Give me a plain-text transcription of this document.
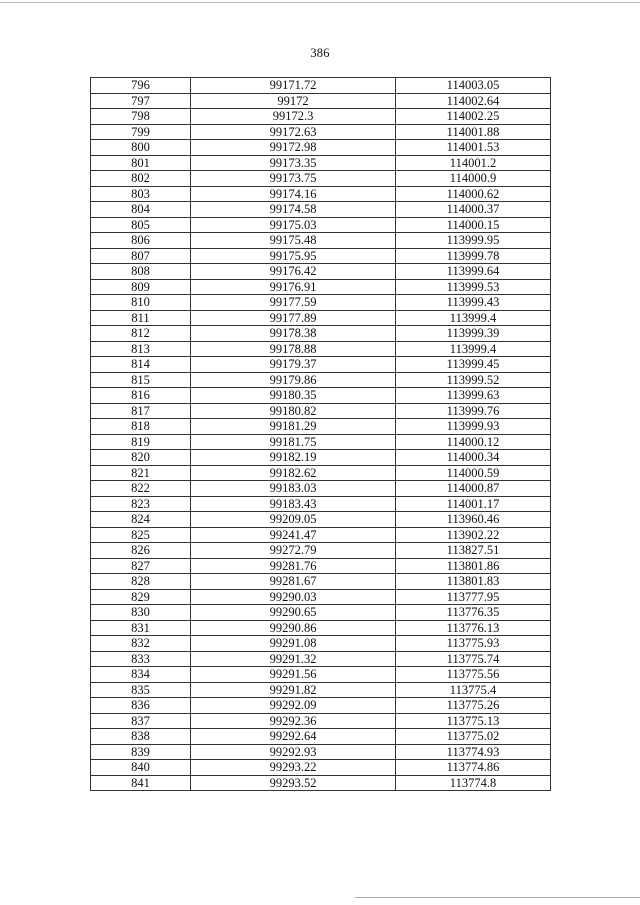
386
796	99171.72	114003.05
797	99172	114002.64
798	99172.3	114002.25
799	99172.63	114001.88
800	99172.98	114001.53
801	99173.35	114001.2
802	99173.75	114000.9
803	99174.16	114000.62
804	99174.58	114000.37
805	99175.03	114000.15
806	99175.48	113999.95
807	99175.95	113999.78
808	99176.42	113999.64
809	99176.91	113999.53
810	99177.59	113999.43
811	99177.89	113999.4
812	99178.38	113999.39
813	99178.88	113999.4
814	99179.37	113999.45
815	99179.86	113999.52
816	99180.35	113999.63
817	99180.82	113999.76
818	99181.29	113999.93
819	99181.75	114000.12
820	99182.19	114000.34
821	99182.62	114000.59
822	99183.03	114000.87
823	99183.43	114001.17
824	99209.05	113960.46
825	99241.47	113902.22
826	99272.79	113827.51
827	99281.76	113801.86
828	99281.67	113801.83
829	99290.03	113777.95
830	99290.65	113776.35
831	99290.86	113776.13
832	99291.08	113775.93
833	99291.32	113775.74
834	99291.56	113775.56
835	99291.82	113775.4
836	99292.09	113775.26
837	99292.36	113775.13
838	99292.64	113775.02
839	99292.93	113774.93
840	99293.22	113774.86
841	99293.52	113774.8
